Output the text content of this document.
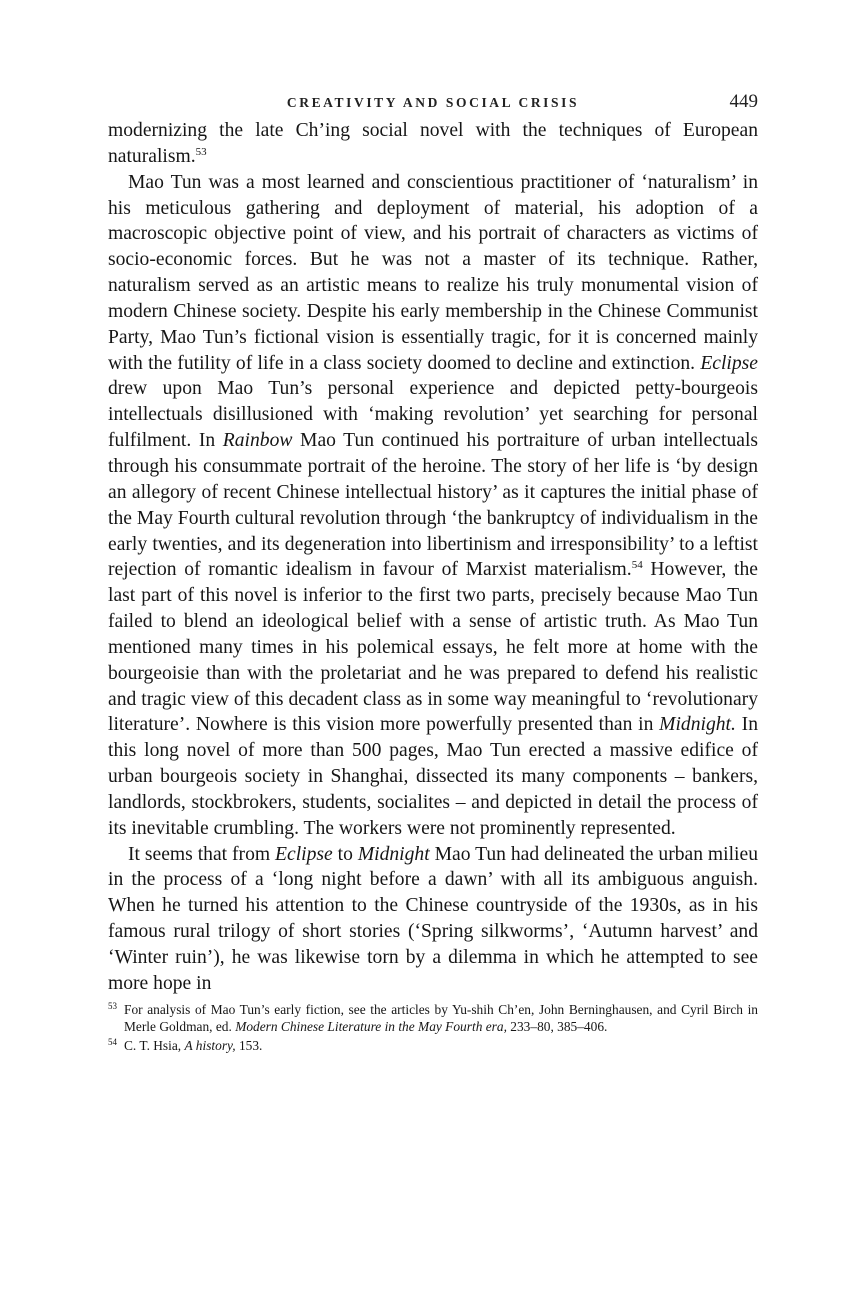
CREATIVITY AND SOCIAL CRISIS	449

modernizing the late Ch’ing social novel with the techniques of European naturalism.$^{53}$

Mao Tun was a most learned and conscientious practitioner of ‘naturalism’ in his meticulous gathering and deployment of material, his adoption of a macroscopic objective point of view, and his portrait of characters as victims of socio-economic forces. But he was not a master of its technique. Rather, naturalism served as an artistic means to realize his truly monumental vision of modern Chinese society. Despite his early membership in the Chinese Communist Party, Mao Tun’s fictional vision is essentially tragic, for it is concerned mainly with the futility of life in a class society doomed to decline and extinction. Eclipse drew upon Mao Tun’s personal experience and depicted petty-bourgeois intellectuals disillusioned with ‘making revolution’ yet searching for personal fulfilment. In Rainbow Mao Tun continued his portraiture of urban intellectuals through his consummate portrait of the heroine. The story of her life is ‘by design an allegory of recent Chinese intellectual history’ as it captures the initial phase of the May Fourth cultural revolution through ‘the bankruptcy of individualism in the early twenties, and its degeneration into libertinism and irresponsibility’ to a leftist rejection of romantic idealism in favour of Marxist materialism.$^{54}$ However, the last part of this novel is inferior to the first two parts, precisely because Mao Tun failed to blend an ideological belief with a sense of artistic truth. As Mao Tun mentioned many times in his polemical essays, he felt more at home with the bourgeoisie than with the proletariat and he was prepared to defend his realistic and tragic view of this decadent class as in some way meaningful to ‘revolutionary literature’. Nowhere is this vision more powerfully presented than in Midnight. In this long novel of more than 500 pages, Mao Tun erected a massive edifice of urban bourgeois society in Shanghai, dissected its many components – bankers, landlords, stockbrokers, students, socialites – and depicted in detail the process of its inevitable crumbling. The workers were not prominently represented.

It seems that from Eclipse to Midnight Mao Tun had delineated the urban milieu in the process of a ‘long night before a dawn’ with all its ambiguous anguish. When he turned his attention to the Chinese countryside of the 1930s, as in his famous rural trilogy of short stories (‘Spring silkworms’, ‘Autumn harvest’ and ‘Winter ruin’), he was likewise torn by a dilemma in which he attempted to see more hope in

53 For analysis of Mao Tun’s early fiction, see the articles by Yu-shih Ch’en, John Berninghausen, and Cyril Birch in Merle Goldman, ed. Modern Chinese Literature in the May Fourth era, 233–80, 385–406.

54 C. T. Hsia, A history, 153.
